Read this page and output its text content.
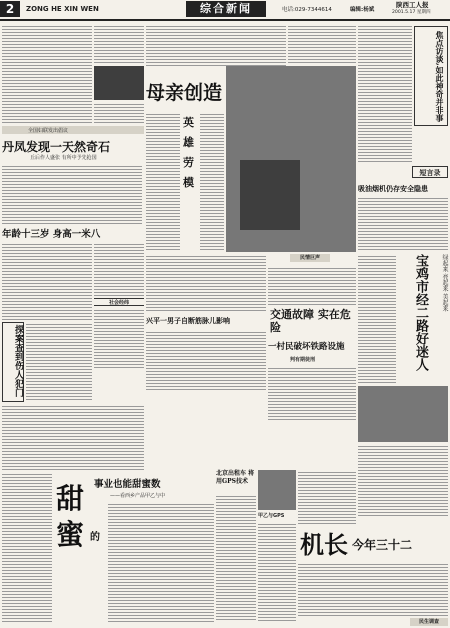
2	ZONG HE XIN WEN	综合新闻	电话:029-7344614	编辑:杨斌
陕西工人报
2001.5.17 星期四
全国妇联发出倡议
母亲创造
英
雄
劳
模
焦点访谈,如此神奇并非事
短言录
吸油烟机仍存安全隐患
绿起来 亮起来 美起来
宝鸡市经二路好迷人
丹凤发现一天然奇石
丘后作人盛张 有所中予先抢国
年龄十三岁 身高一米八
社会经纬
民情巨声
兴平一男子自断筋脉儿影响	交通故障 实在危险
一村民破坏铁路设施
判有期徒刑
探案查到伤人犯门
甜
蜜 的
事业也能甜蜜数
——看西乡产品甲乙与中
北京出租车 将用GPS技术
甲乙与GPS
机长 今年三十二
民生调查
